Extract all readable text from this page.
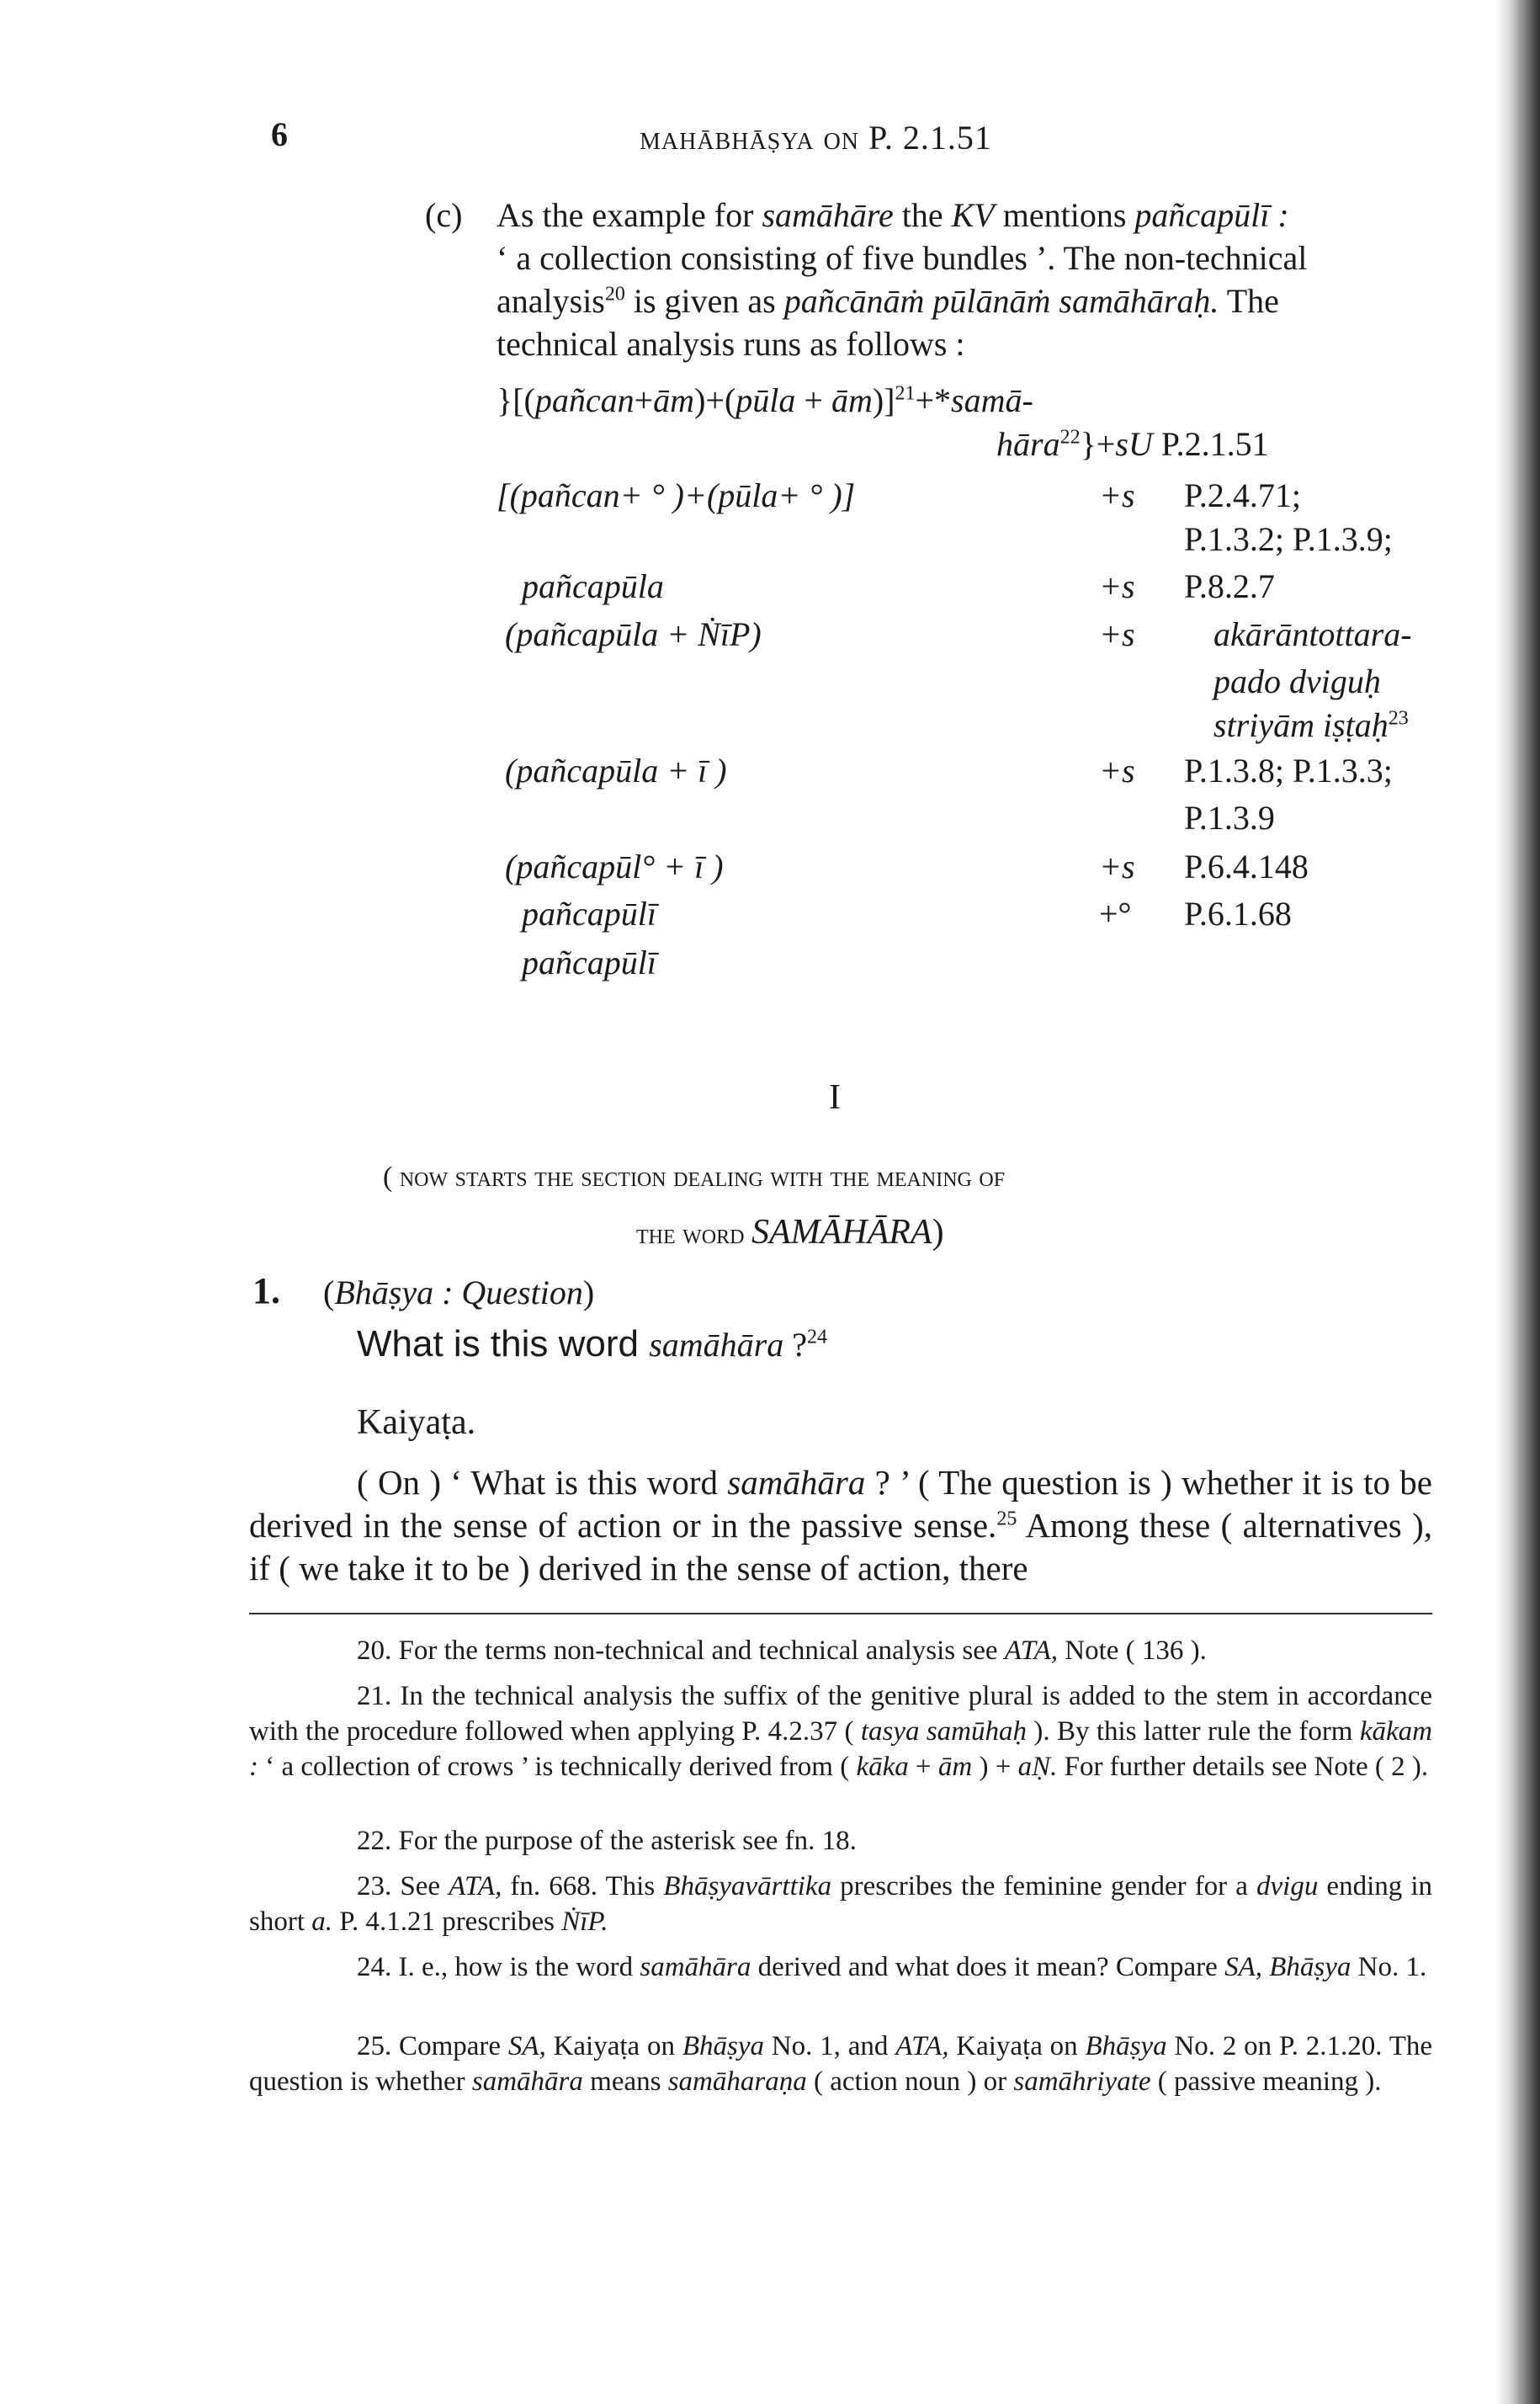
6	mahābhāṣya on P. 2.1.51
(c) As the example for samāhāre the KV mentions pañcapūlī :
‘ a collection consisting of five bundles ’. The non-technical
analysis$^{20}$ is given as pañcānāṁ pūlānāṁ samāhāraḥ. The
technical analysis runs as follows :
}[(pañcan+ām)+(pūla + ām)]$^{21}$+*samā-
hāra$^{22}$}+sU P.2.1.51
[(pañcan+ ° )+(pūla+ ° )]	+s P.2.4.71;
P.1.3.2; P.1.3.9;
pañcapūla	+s P.8.2.7
(pañcapūla + ṄīP)	+s akārāntottara-
pado dviguḥ
striyām iṣṭaḥ$^{23}$
(pañcapūla + ī )	+s P.1.3.8; P.1.3.3;
P.1.3.9
(pañcapūl° + ī )	+s P.6.4.148
pañcapūlī	+° P.6.1.68
pañcapūlī
I
( now starts the section dealing with the meaning of
the word SAMĀHĀRA)
1. (Bhāṣya : Question)
What is this word samāhāra ?$^{24}$
Kaiyaṭa.
( On ) ‘ What is this word samāhāra ? ’ ( The question is ) whether it is to be derived in the sense of action or in the passive sense.$^{25}$ Among these ( alternatives ), if ( we take it to be ) derived in the sense of action, there
20. For the terms non-technical and technical analysis see ATA, Note ( 136 ).
21. In the technical analysis the suffix of the genitive plural is added to the stem in accordance with the procedure followed when applying P. 4.2.37 ( tasya samūhaḥ ). By this latter rule the form kākam : ‘ a collection of crows ’ is technically derived from ( kāka + ām ) + aṆ. For further details see Note ( 2 ).
22. For the purpose of the asterisk see fn. 18.
23. See ATA, fn. 668. This Bhāṣyavārttika prescribes the feminine gender for a dvigu ending in short a. P. 4.1.21 prescribes ṄīP.
24. I. e., how is the word samāhāra derived and what does it mean? Compare SA, Bhāṣya No. 1.
25. Compare SA, Kaiyaṭa on Bhāṣya No. 1, and ATA, Kaiyaṭa on Bhāṣya No. 2 on P. 2.1.20. The question is whether samāhāra means samāharaṇa ( action noun ) or samāhriyate ( passive meaning ).
